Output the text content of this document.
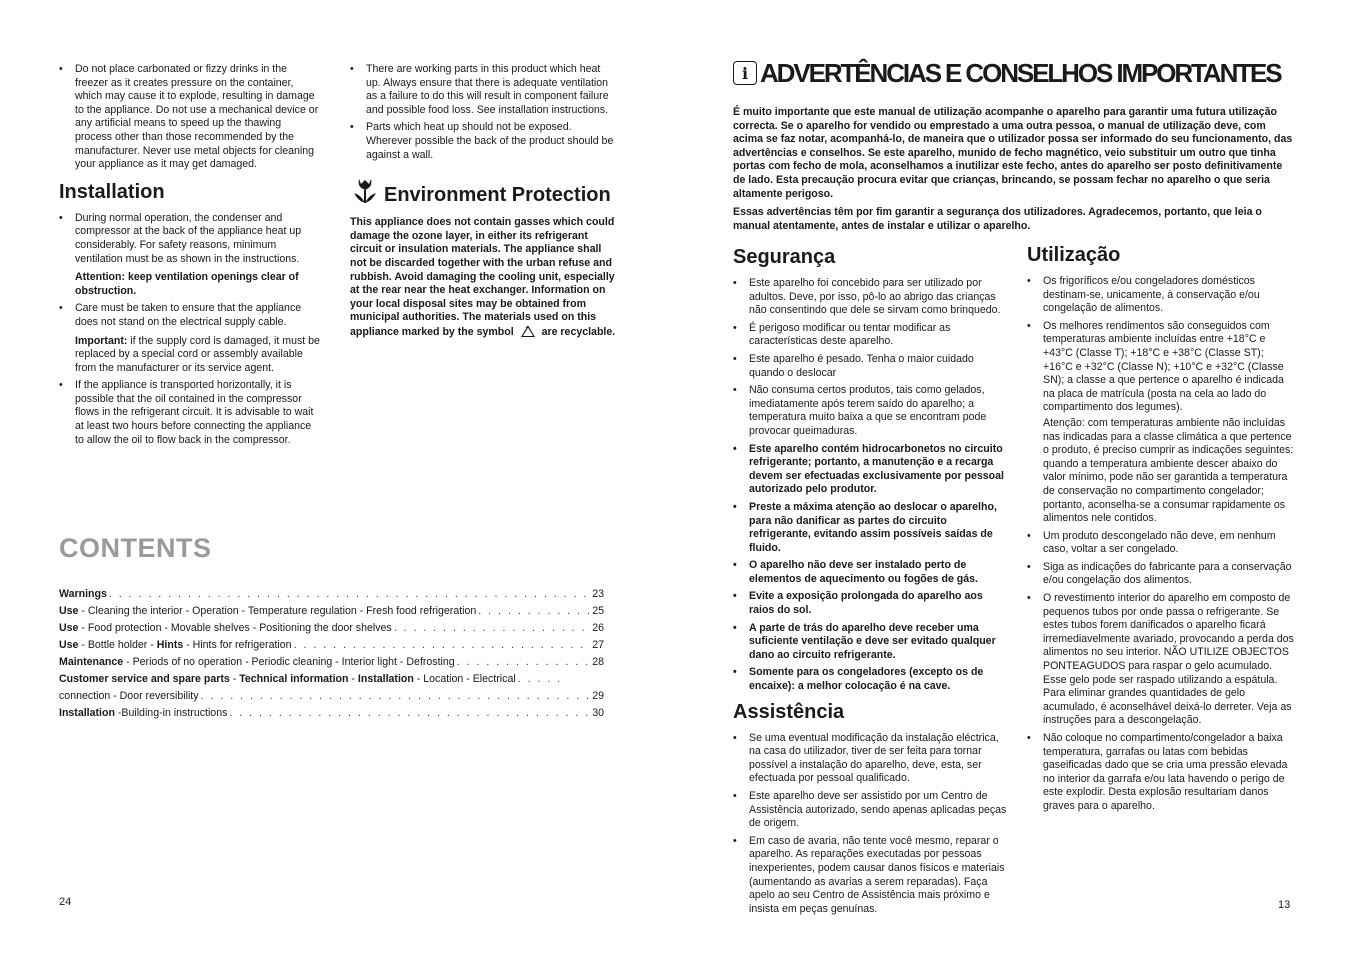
• Do not place carbonated or fizzy drinks in the freezer as it creates pressure on the container, which may cause it to explode, resulting in damage to the appliance. Do not use a mechanical device or any artificial means to speed up the thawing process other than those recommended by the manufacturer. Never use metal objects for cleaning your appliance as it may get damaged.
Installation
• During normal operation, the condenser and compressor at the back of the appliance heat up considerably. For safety reasons, minimum ventilation must be as shown in the instructions.
Attention: keep ventilation openings clear of obstruction.
• Care must be taken to ensure that the appliance does not stand on the electrical supply cable.
Important: if the supply cord is damaged, it must be replaced by a special cord or assembly available from the manufacturer or its service agent.
• If the appliance is transported horizontally, it is possible that the oil contained in the compressor flows in the refrigerant circuit. It is advisable to wait at least two hours before connecting the appliance to allow the oil to flow back in the compressor.
• There are working parts in this product which heat up. Always ensure that there is adequate ventilation as a failure to do this will result in component failure and possible food loss. See installation instructions.
• Parts which heat up should not be exposed. Wherever possible the back of the product should be against a wall.
Environment Protection
This appliance does not contain gasses which could damage the ozone layer, in either its refrigerant circuit or insulation materials. The appliance shall not be discarded together with the urban refuse and rubbish. Avoid damaging the cooling unit, especially at the rear near the heat exchanger. Information on your local disposal sites may be obtained from municipal authorities. The materials used on this appliance marked by the symbol	are recyclable.
CONTENTS
Warnings . . .	23
Use - Cleaning the interior - Operation - Temperature regulation - Fresh food refrigeration . . .	25
Use - Food protection - Movable shelves - Positioning the door shelves . . .	26
Use - Bottle holder - Hints - Hints for refrigeration . . .	27
Maintenance - Periods of no operation - Periodic cleaning - Interior light - Defrosting . . .	28
Customer service and spare parts - Technical information - Installation - Location - Electrical
. . .
connection - Door reversibility . . .	29
Installation -Building-in instructions . . .	30
24
i ADVERTÊNCIAS E CONSELHOS IMPORTANTES

É muito importante que este manual de utilização acompanhe o aparelho para garantir uma futura utilização correcta. Se o aparelho for vendido ou emprestado a uma outra pessoa, o manual de utilização deve, com acima se faz notar, acompanhá-lo, de maneira que o utilizador possa ser informado do seu funcionamento, das advertências e conselhos. Se este aparelho, munido de fecho magnético, veio substituir um outro que tinha portas com fecho de mola, aconselhamos a inutilizar este fecho, antes do aparelho ser posto definitivamente de lado. Esta precaução procura evitar que crianças, brincando, se possam fechar no aparelho o que seria altamente perigoso.

Essas advertências têm por fim garantir a segurança dos utilizadores. Agradecemos, portanto, que leia o manual atentamente, antes de instalar e utilizar o aparelho.

Segurança
• Este aparelho foi concebido para ser utilizado por adultos. Deve, por isso, pô-lo ao abrigo das crianças não consentindo que dele se sirvam como brinquedo.
• É perigoso modificar ou tentar modificar as características deste aparelho.
• Este aparelho é pesado. Tenha o maior cuidado quando o deslocar
• Não consuma certos produtos, tais como gelados, imediatamente após terem saído do aparelho; a temperatura muito baixa a que se encontram pode provocar queimaduras.
• Este aparelho contém hidrocarbonetos no circuito refrigerante; portanto, a manutenção e a recarga devem ser efectuadas exclusivamente por pessoal autorizado pelo produtor.
• Preste a máxima atenção ao deslocar o aparelho, para não danificar as partes do circuito refrigerante, evitando assim possíveis saídas de fluido.
• O aparelho não deve ser instalado perto de elementos de aquecimento ou fogões de gás.
• Evite a exposição prolongada do aparelho aos raios do sol.
• A parte de trás do aparelho deve receber uma suficiente ventilação e deve ser evitado qualquer dano ao circuito refrigerante.
• Somente para os congeladores (excepto os de encaixe): a melhor colocação é na cave.
Assistência
• Se uma eventual modificação da instalação eléctrica, na casa do utilizador, tiver de ser feita para tornar possível a instalação do aparelho, deve, esta, ser efectuada por pessoal qualificado.
• Este aparelho deve ser assistido por um Centro de Assistência autorizado, sendo apenas aplicadas peças de origem.
• Em caso de avaria, não tente você mesmo, reparar o aparelho. As reparações executadas por pessoas inexperientes, podem causar danos físicos e materiais (aumentando as avarias a serem reparadas). Faça apelo ao seu Centro de Assistência mais próximo e insista em peças genuínas.
Utilização
• Os frigoríficos e/ou congeladores domésticos destinam-se, unicamente, à conservação e/ou congelação de alimentos.
• Os melhores rendimentos são conseguidos com temperaturas ambiente incluídas entre +18°C e +43°C (Classe T); +18°C e +38°C (Classe ST); +16°C e +32°C (Classe N); +10°C e +32°C (Classe SN); a classe a que pertence o aparelho é indicada na placa de matrícula (posta na cela ao lado do compartimento dos legumes).
Atenção: com temperaturas ambiente não incluídas nas indicadas para a classe climática a que pertence o produto, é preciso cumprir as indicações seguintes: quando a temperatura ambiente descer abaixo do valor mínimo, pode não ser garantida a temperatura de conservação no compartimento congelador; portanto, aconselha-se a consumar rapidamente os alimentos nele contidos.
• Um produto descongelado não deve, em nenhum caso, voltar a ser congelado.
• Siga as indicações do fabricante para a conservação e/ou congelação dos alimentos.
• O revestimento interior do aparelho em composto de pequenos tubos por onde passa o refrigerante. Se estes tubos forem danificados o aparelho ficará irremediavelmente avariado, provocando a perda dos alimentos no seu interior. NÃO UTILIZE OBJECTOS PONTEAGUDOS para raspar o gelo acumulado. Esse gelo pode ser raspado utilizando a espátula. Para eliminar grandes quantidades de gelo acumulado, é aconselhável deixá-lo derreter. Veja as instruções para a descongelação.
• Não coloque no compartimento/congelador a baixa temperatura, garrafas ou latas com bebidas gaseificadas dado que se cria uma pressão elevada no interior da garrafa e/ou lata havendo o perigo de este explodir. Desta explosão resultariam danos graves para o aparelho.
13
